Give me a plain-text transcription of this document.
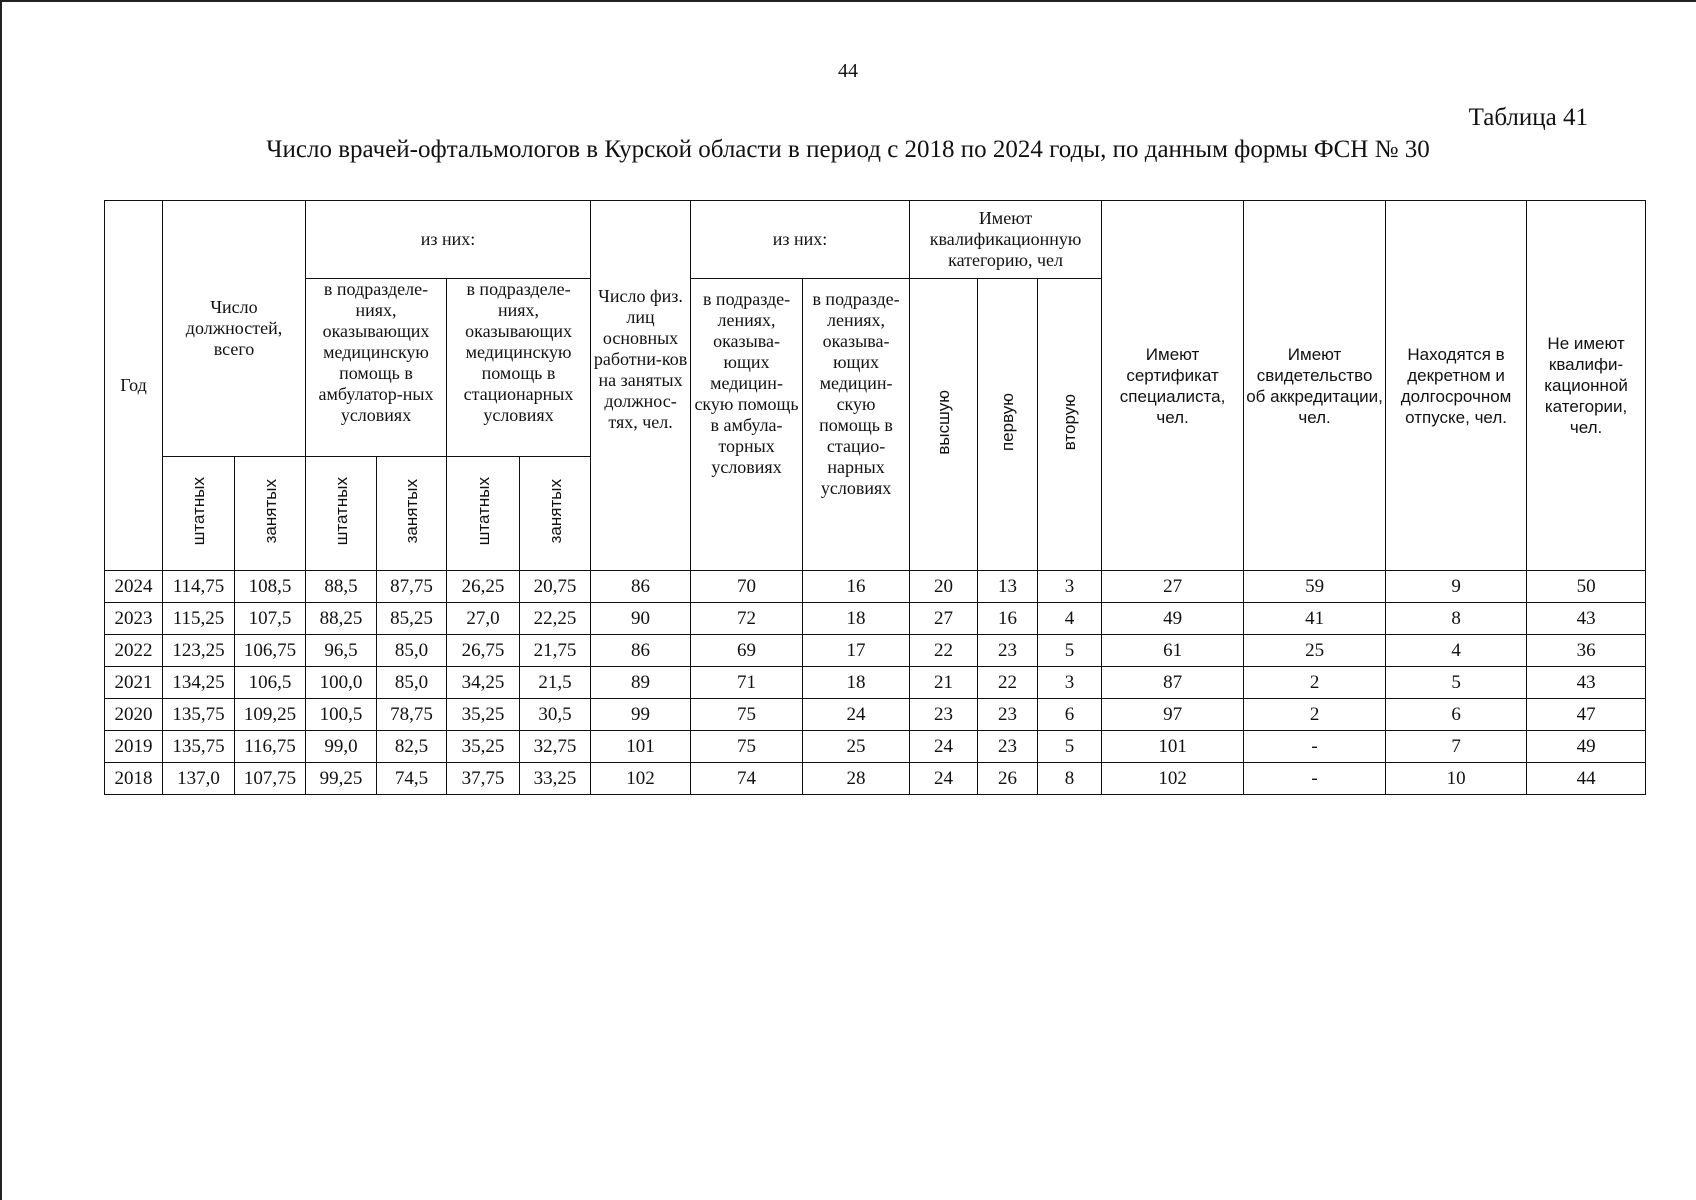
44
Таблица 41
Число врачей-офтальмологов в Курской области в период с 2018 по 2024 годы, по данным формы ФСН № 30
Год	Число должностей, всего		из них:				Число физ. лиц основных работни-ков на занятых должнос-тях, чел.	из них:		Имеют квалификационную категорию, чел			Имеют сертификат специалиста, чел.	Имеют свидетельство об аккредитации, чел.	Находятся в декретном и долгосрочном отпуске, чел.	Не имеют квалифи-кационной категории, чел.
			в подразделе-ниях, оказывающих медицинскую помощь в амбулатор-ных условиях		в подразделе-ниях, оказывающих медицинскую помощь в стационарных условиях			в подразде-лениях, оказыва-ющих медицин-скую помощь в амбула-торных условиях	в подразде-лениях, оказыва-ющих медицин-скую помощь в стацио-нарных условиях	высшую	первую	вторую				
	штатных	занятых	штатных	занятых	штатных	занятых										
2024	114,75	108,5	88,5	87,75	26,25	20,75	86	70	16	20	13	3	27	59	9	50
2023	115,25	107,5	88,25	85,25	27,0	22,25	90	72	18	27	16	4	49	41	8	43
2022	123,25	106,75	96,5	85,0	26,75	21,75	86	69	17	22	23	5	61	25	4	36
2021	134,25	106,5	100,0	85,0	34,25	21,5	89	71	18	21	22	3	87	2	5	43
2020	135,75	109,25	100,5	78,75	35,25	30,5	99	75	24	23	23	6	97	2	6	47
2019	135,75	116,75	99,0	82,5	35,25	32,75	101	75	25	24	23	5	101	-	7	49
2018	137,0	107,75	99,25	74,5	37,75	33,25	102	74	28	24	26	8	102	-	10	44
